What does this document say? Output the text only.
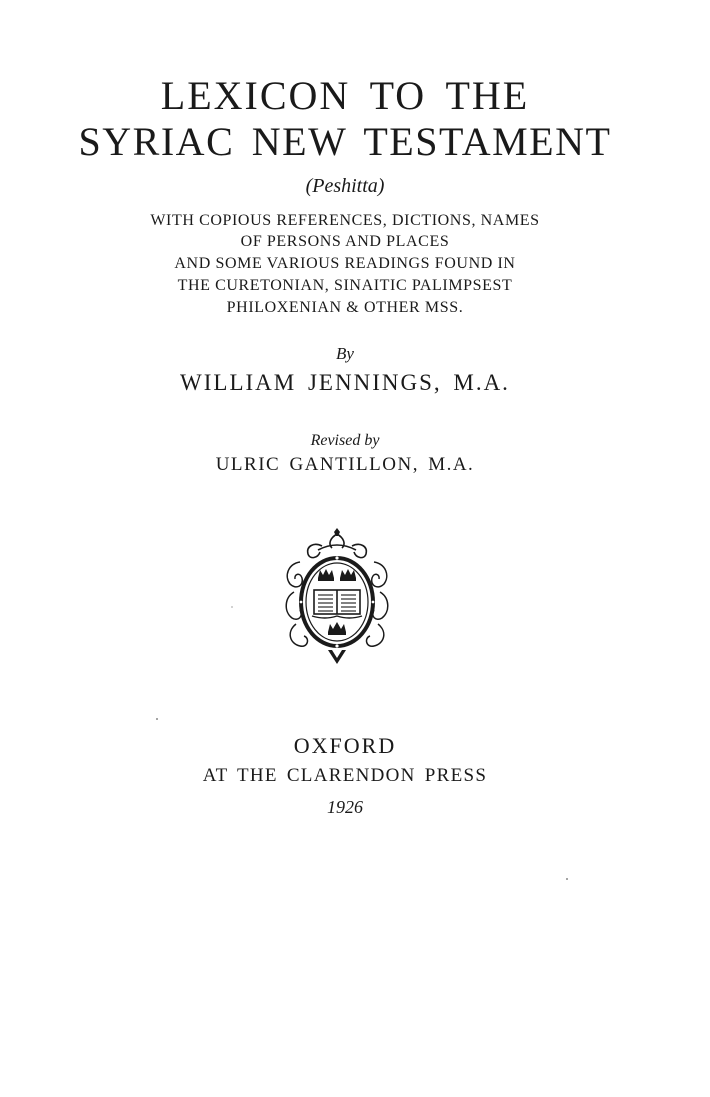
LEXICON TO THE
SYRIAC NEW TESTAMENT
(Peshitta)
WITH COPIOUS REFERENCES, DICTIONS, NAMES
OF PERSONS AND PLACES
AND SOME VARIOUS READINGS FOUND IN
THE CURETONIAN, SINAITIC PALIMPSEST
PHILOXENIAN & OTHER MSS.
By
WILLIAM JENNINGS, M.A.
Revised by
ULRIC GANTILLON, M.A.
OXFORD
AT THE CLARENDON PRESS
1926
